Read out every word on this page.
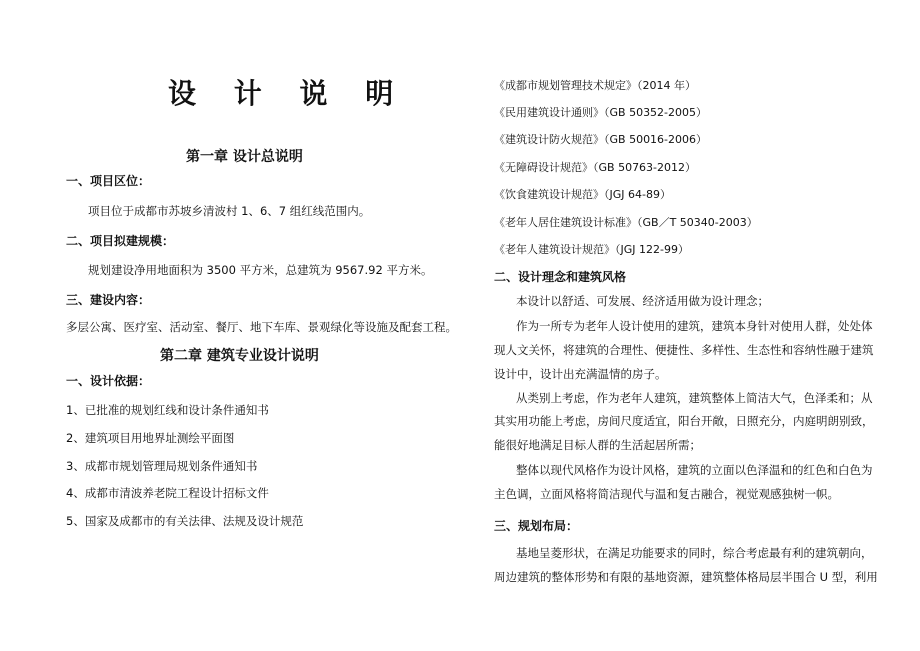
设 计 说 明
第一章 设计总说明
一、项目区位：
项目位于成都市苏坡乡清波村 1、6、7 组红线范围内。
二、项目拟建规模：
规划建设净用地面积为 3500 平方米，总建筑为 9567.92 平方米。
三、建设内容：
多层公寓、医疗室、活动室、餐厅、地下车库、景观绿化等设施及配套工程。
第二章 建筑专业设计说明
一、设计依据：
1、已批准的规划红线和设计条件通知书
2、建筑项目用地界址测绘平面图
3、成都市规划管理局规划条件通知书
4、成都市清波养老院工程设计招标文件
5、国家及成都市的有关法律、法规及设计规范
《成都市规划管理技术规定》（2014 年）
《民用建筑设计通则》（GB 50352-2005）
《建筑设计防火规范》（GB 50016-2006）
《无障碍设计规范》（GB 50763-2012）
《饮食建筑设计规范》（JGJ 64-89）
《老年人居住建筑设计标准》（GB／T 50340-2003）
《老年人建筑设计规范》（JGJ 122-99）
二、设计理念和建筑风格
本设计以舒适、可发展、经济适用做为设计理念；
作为一所专为老年人设计使用的建筑，建筑本身针对使用人群，处处体
现人文关怀，将建筑的合理性、便捷性、多样性、生态性和容纳性融于建筑
设计中，设计出充满温情的房子。
从类别上考虑，作为老年人建筑，建筑整体上简洁大气，色泽柔和；从
其实用功能上考虑，房间尺度适宜，阳台开敞，日照充分，内庭明朗别致，
能很好地满足目标人群的生活起居所需；
整体以现代风格作为设计风格，建筑的立面以色泽温和的红色和白色为
主色调，立面风格将简洁现代与温和复古融合，视觉观感独树一帜。
三、规划布局：
基地呈菱形状，在满足功能要求的同时，综合考虑最有利的建筑朝向，
周边建筑的整体形势和有限的基地资源，建筑整体格局层半围合 U 型，利用
